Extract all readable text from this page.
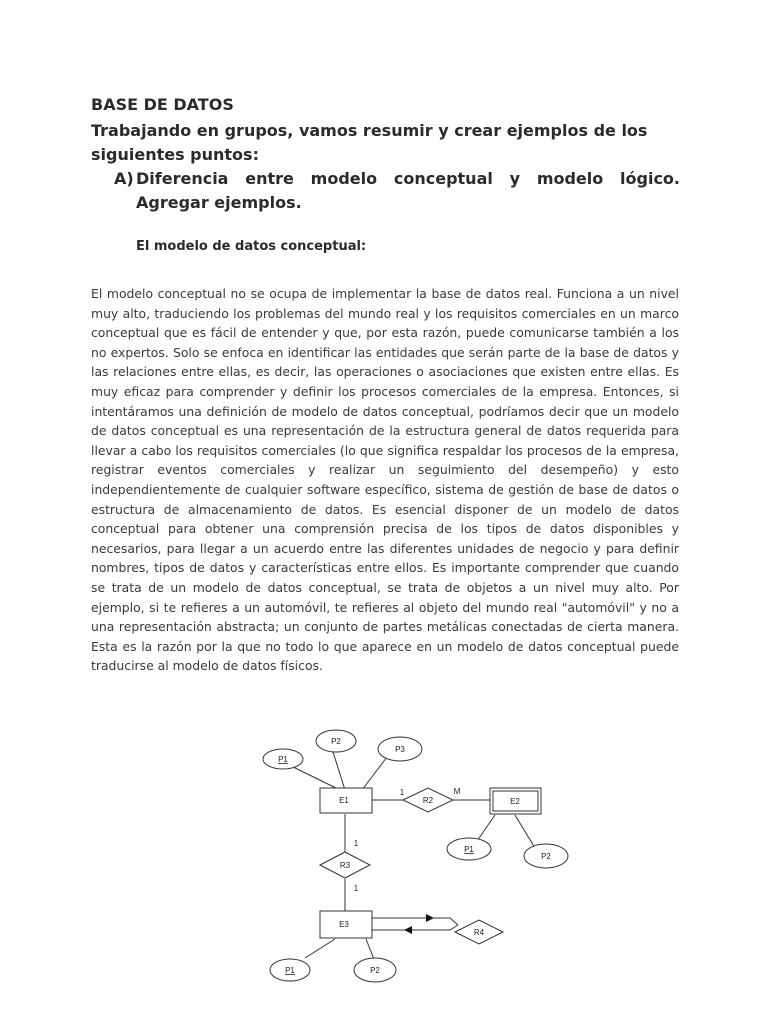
BASE DE DATOS
Trabajando en grupos, vamos resumir y crear ejemplos de los siguientes puntos:
A) Diferencia entre modelo conceptual y modelo lógico. Agregar ejemplos.
El modelo de datos conceptual:

El modelo conceptual no se ocupa de implementar la base de datos real. Funciona a un nivel muy alto, traduciendo los problemas del mundo real y los requisitos comerciales en un marco conceptual que es fácil de entender y que, por esta razón, puede comunicarse también a los no expertos. Solo se enfoca en identificar las entidades que serán parte de la base de datos y las relaciones entre ellas, es decir, las operaciones o asociaciones que existen entre ellas. Es muy eficaz para comprender y definir los procesos comerciales de la empresa. Entonces, si intentáramos una definición de modelo de datos conceptual, podríamos decir que un modelo de datos conceptual es una representación de la estructura general de datos requerida para llevar a cabo los requisitos comerciales (lo que significa respaldar los procesos de la empresa, registrar eventos comerciales y realizar un seguimiento del desempeño) y esto independientemente de cualquier software específico, sistema de gestión de base de datos o estructura de almacenamiento de datos. Es esencial disponer de un modelo de datos conceptual para obtener una comprensión precisa de los tipos de datos disponibles y necesarios, para llegar a un acuerdo entre las diferentes unidades de negocio y para definir nombres, tipos de datos y características entre ellos. Es importante comprender que cuando se trata de un modelo de datos conceptual, se trata de objetos a un nivel muy alto. Por ejemplo, si te refieres a un automóvil, te refieres al objeto del mundo real "automóvil" y no a una representación abstracta; un conjunto de partes metálicas conectadas de cierta manera. Esta es la razón por la que no todo lo que aparece en un modelo de datos conceptual puede traducirse al modelo de datos físicos.

P1
P2
P3
E1	R2
1	M
E2
P1
P2
R3
1
1
E3
R4
P1	P2
